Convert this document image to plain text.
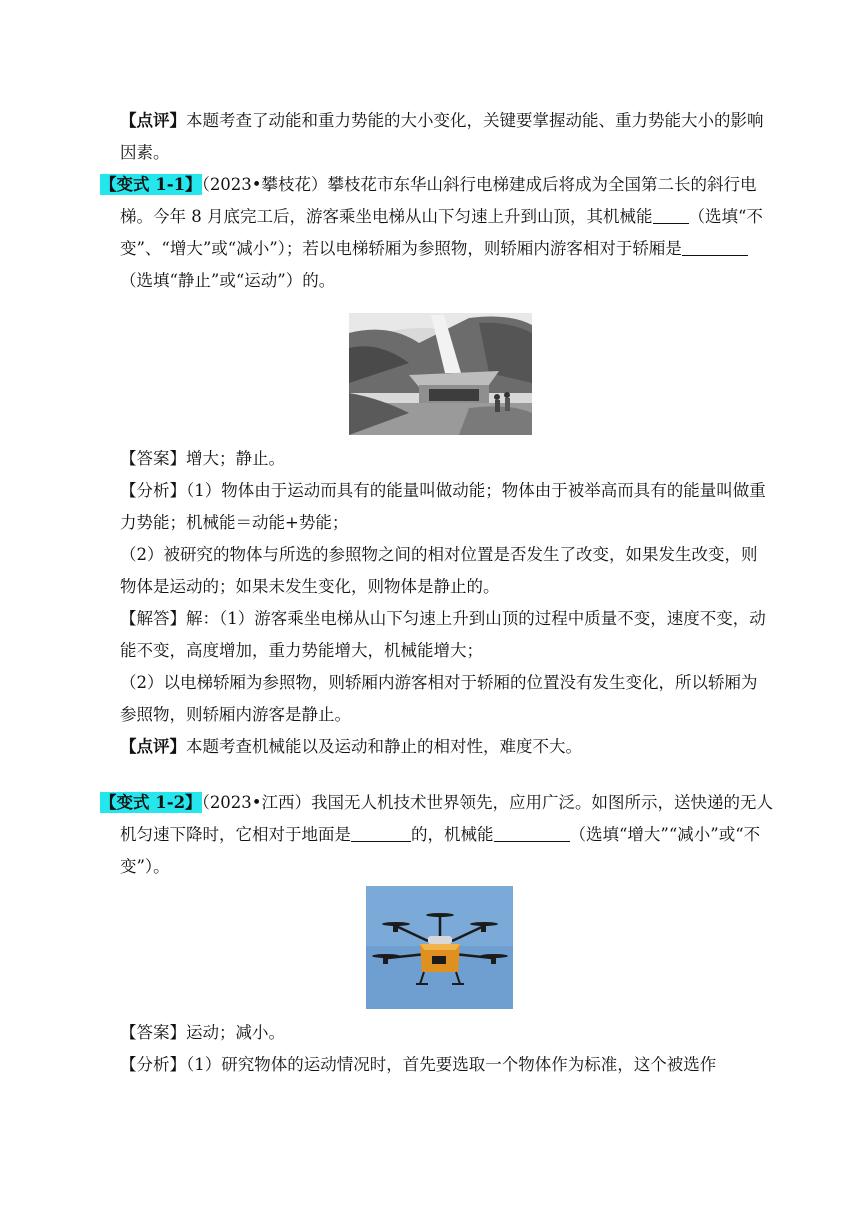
【点评】本题考查了动能和重力势能的大小变化，关键要掌握动能、重力势能大小的影响因素。
【变式 1-1】（2023•攀枝花）攀枝花市东华山斜行电梯建成后将成为全国第二长的斜行电梯。今年 8 月底完工后，游客乘坐电梯从山下匀速上升到山顶，其机械能 （选填“不变”、“增大”或“减小”）；若以电梯轿厢为参照物，则轿厢内游客相对于轿厢是（选填“静止”或“运动”）的。
【答案】增大；静止。
【分析】（1）物体由于运动而具有的能量叫做动能；物体由于被举高而具有的能量叫做重力势能；机械能＝动能+势能；
（2）被研究的物体与所选的参照物之间的相对位置是否发生了改变，如果发生改变，则物体是运动的；如果未发生变化，则物体是静止的。
【解答】解：（1）游客乘坐电梯从山下匀速上升到山顶的过程中质量不变，速度不变，动能不变，高度增加，重力势能增大，机械能增大；
（2）以电梯轿厢为参照物，则轿厢内游客相对于轿厢的位置没有发生变化，所以轿厢为参照物，则轿厢内游客是静止。
【点评】本题考查机械能以及运动和静止的相对性，难度不大。
【变式 1-2】（2023•江西）我国无人机技术世界领先，应用广泛。如图所示，送快递的无人机匀速下降时，它相对于地面是	的，机械能	（选填“增大”“减小”或“不变”）。
【答案】运动；减小。
【分析】（1）研究物体的运动情况时，首先要选取一个物体作为标准，这个被选作
